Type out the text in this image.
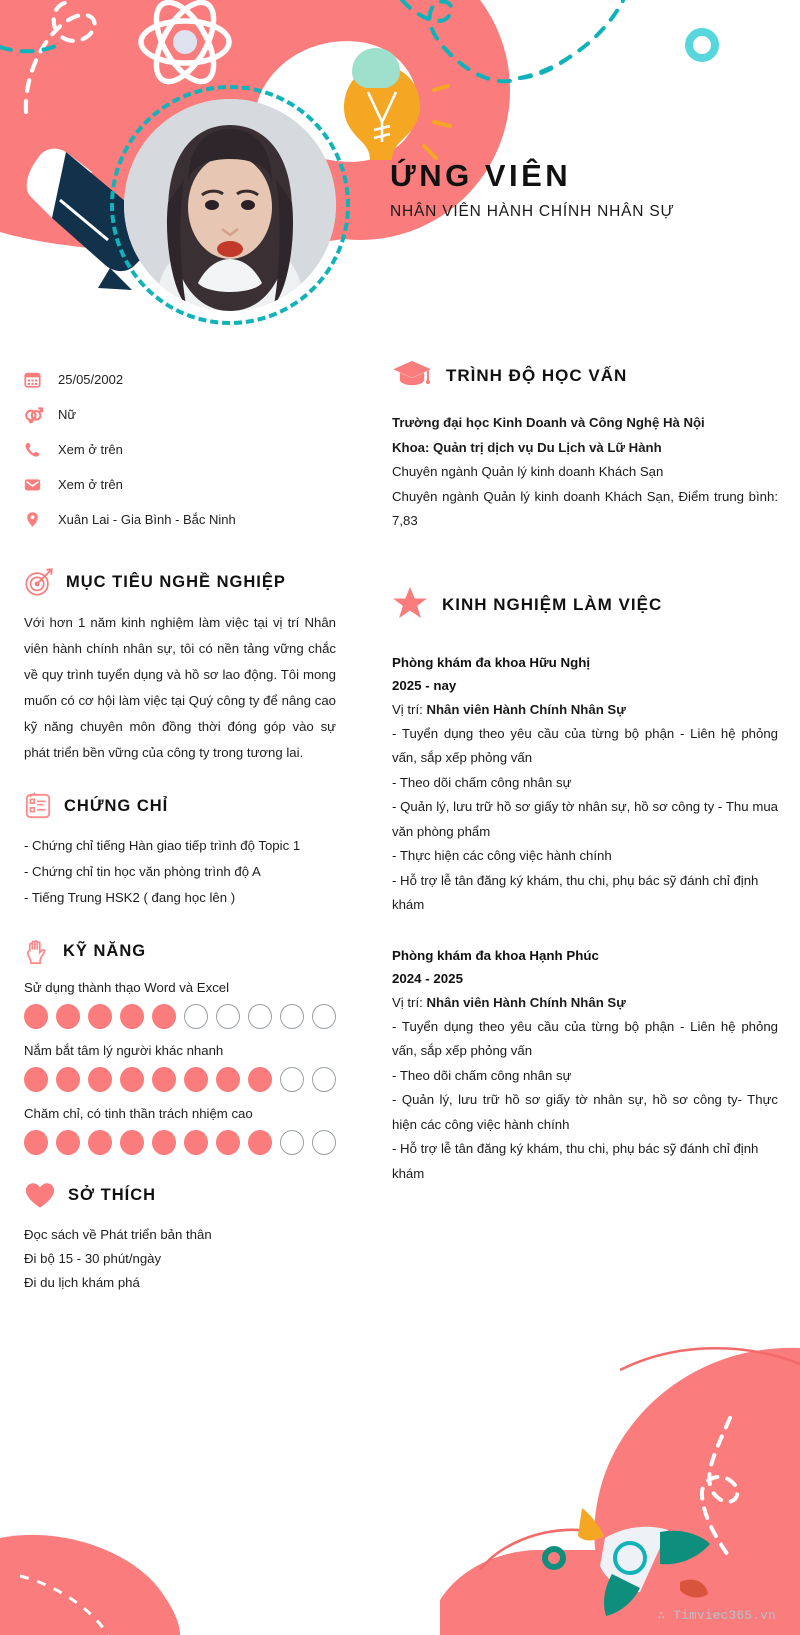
ỨNG VIÊN
NHÂN VIÊN HÀNH CHÍNH NHÂN SỰ
25/05/2002
Nữ
Xem ở trên
Xem ở trên
Xuân Lai - Gia Bình - Bắc Ninh
MỤC TIÊU NGHỀ NGHIỆP
Với hơn 1 năm kinh nghiệm làm việc tại vị trí Nhân viên hành chính nhân sự, tôi có nền tảng vững chắc về quy trình tuyển dụng và hồ sơ lao động. Tôi mong muốn có cơ hội làm việc tại Quý công ty để nâng cao kỹ năng chuyên môn đồng thời đóng góp vào sự phát triển bền vững của công ty trong tương lai.
CHỨNG CHỈ
- Chứng chỉ tiếng Hàn giao tiếp trình độ Topic 1
- Chứng chỉ tin học văn phòng trình độ A
- Tiếng Trung HSK2 ( đang học lên )
KỸ NĂNG
Sử dụng thành thạo Word và Excel
Nắm bắt tâm lý người khác nhanh
Chăm chỉ, có tinh thần trách nhiệm cao
SỞ THÍCH
Đọc sách về Phát triển bản thân
Đi bộ 15 - 30 phút/ngày
Đi du lịch khám phá
TRÌNH ĐỘ HỌC VẤN
Trường đại học Kinh Doanh và Công Nghệ Hà Nội
Khoa: Quản trị dịch vụ Du Lịch và Lữ Hành
Chuyên ngành Quản lý kinh doanh Khách Sạn
Chuyên ngành Quản lý kinh doanh Khách Sạn, Điểm trung bình: 7,83
KINH NGHIỆM LÀM VIỆC
Phòng khám đa khoa Hữu Nghị
2025 - nay
Vị trí: Nhân viên Hành Chính Nhân Sự
- Tuyển dụng theo yêu cầu của từng bộ phận - Liên hệ phỏng vấn, sắp xếp phỏng vấn
- Theo dõi chấm công nhân sự
- Quản lý, lưu trữ hồ sơ giấy tờ nhân sự, hồ sơ công ty - Thu mua văn phòng phẩm
- Thực hiện các công việc hành chính
- Hỗ trợ lễ tân đăng ký khám, thu chi, phụ bác sỹ đánh chỉ định khám
Phòng khám đa khoa Hạnh Phúc
2024 - 2025
Vị trí: Nhân viên Hành Chính Nhân Sự
- Tuyển dụng theo yêu cầu của từng bộ phận - Liên hệ phỏng vấn, sắp xếp phỏng vấn
- Theo dõi chấm công nhân sự
- Quản lý, lưu trữ hồ sơ giấy tờ nhân sự, hồ sơ công ty- Thực hiện các công việc hành chính
- Hỗ trợ lễ tân đăng ký khám, thu chi, phụ bác sỹ đánh chỉ định khám
∴ Timviec365.vn
